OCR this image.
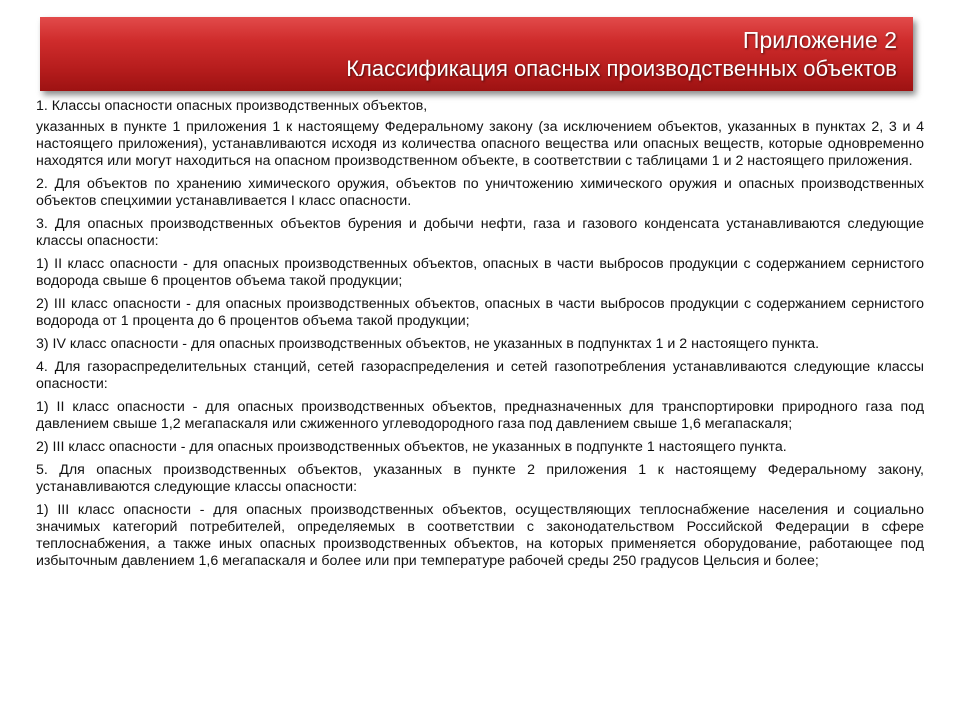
Приложение 2
Классификация опасных производственных объектов

1. Классы опасности опасных производственных объектов,

указанных в пункте 1 приложения 1 к настоящему Федеральному закону (за исключением объектов, указанных в пунктах 2, 3 и 4 настоящего приложения), устанавливаются исходя из количества опасного вещества или опасных веществ, которые одновременно находятся или могут находиться на опасном производственном объекте, в соответствии с таблицами 1 и 2 настоящего приложения.

2. Для объектов по хранению химического оружия, объектов по уничтожению химического оружия и опасных производственных объектов спецхимии устанавливается I класс опасности.

3. Для опасных производственных объектов бурения и добычи нефти, газа и газового конденсата устанавливаются следующие классы опасности:

1) II класс опасности - для опасных производственных объектов, опасных в части выбросов продукции с содержанием сернистого водорода свыше 6 процентов объема такой продукции;

2) III класс опасности - для опасных производственных объектов, опасных в части выбросов продукции с содержанием сернистого водорода от 1 процента до 6 процентов объема такой продукции;

3) IV класс опасности - для опасных производственных объектов, не указанных в подпунктах 1 и 2 настоящего пункта.

4. Для газораспределительных станций, сетей газораспределения и сетей газопотребления устанавливаются следующие классы опасности:

1) II класс опасности - для опасных производственных объектов, предназначенных для транспортировки природного газа под давлением свыше 1,2 мегапаскаля или сжиженного углеводородного газа под давлением свыше 1,6 мегапаскаля;

2) III класс опасности - для опасных производственных объектов, не указанных в подпункте 1 настоящего пункта.

5. Для опасных производственных объектов, указанных в пункте 2 приложения 1 к настоящему Федеральному закону, устанавливаются следующие классы опасности:

1) III класс опасности - для опасных производственных объектов, осуществляющих теплоснабжение населения и социально значимых категорий потребителей, определяемых в соответствии с законодательством Российской Федерации в сфере теплоснабжения, а также иных опасных производственных объектов, на которых применяется оборудование, работающее под избыточным давлением 1,6 мегапаскаля и более или при температуре рабочей среды 250 градусов Цельсия и более;
